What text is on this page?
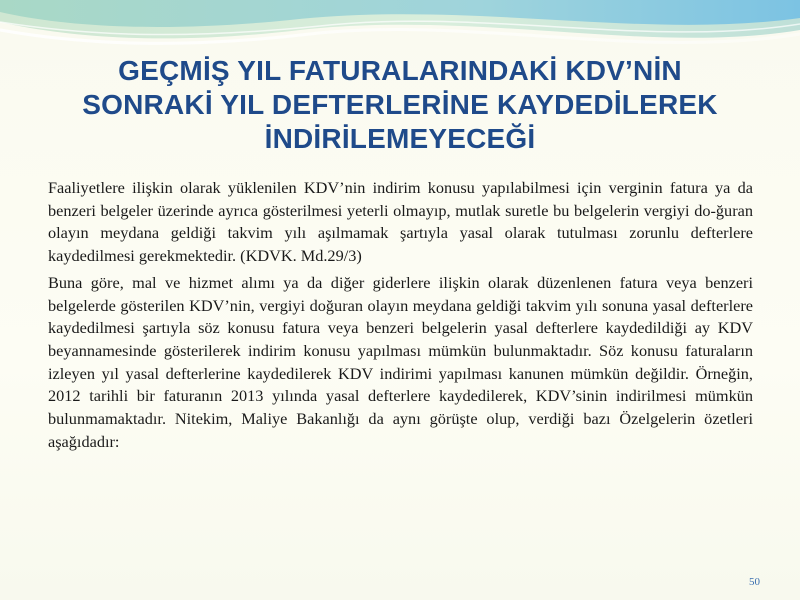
GEÇMİŞ YIL FATURALARINDAKİ KDV’NİN
SONRAKİ YIL DEFTERLERİNE KAYDEDİLEREK
İNDİRİLEMEYECEĞİ

Faaliyetlere ilişkin olarak yüklenilen KDV’nin indirim konusu yapılabilmesi için verginin fatura ya da benzeri belgeler üzerinde ayrıca gösterilmesi yeterli olmayıp, mutlak suretle bu belgelerin vergiyi do-ğuran olayın meydana geldiği takvim yılı aşılmamak şartıyla yasal olarak tutulması zorunlu defterlere kaydedilmesi gerekmektedir. (KDVK. Md.29/3)

Buna göre, mal ve hizmet alımı ya da diğer giderlere ilişkin olarak düzenlenen fatura veya benzeri belgelerde gösterilen KDV’nin, vergiyi doğuran olayın meydana geldiği takvim yılı sonuna yasal defterlere kaydedilmesi şartıyla söz konusu fatura veya benzeri belgelerin yasal defterlere kaydedildiği ay KDV beyannamesinde gösterilerek indirim konusu yapılması mümkün bulunmaktadır. Söz konusu faturaların izleyen yıl yasal defterlerine kaydedilerek KDV indirimi yapılması kanunen mümkün değildir. Örneğin, 2012 tarihli bir faturanın 2013 yılında yasal defterlere kaydedilerek, KDV’sinin indirilmesi mümkün bulunmamaktadır. Nitekim, Maliye Bakanlığı da aynı görüşte olup, verdiği bazı Özelgelerin özetleri aşağıdadır:

50
